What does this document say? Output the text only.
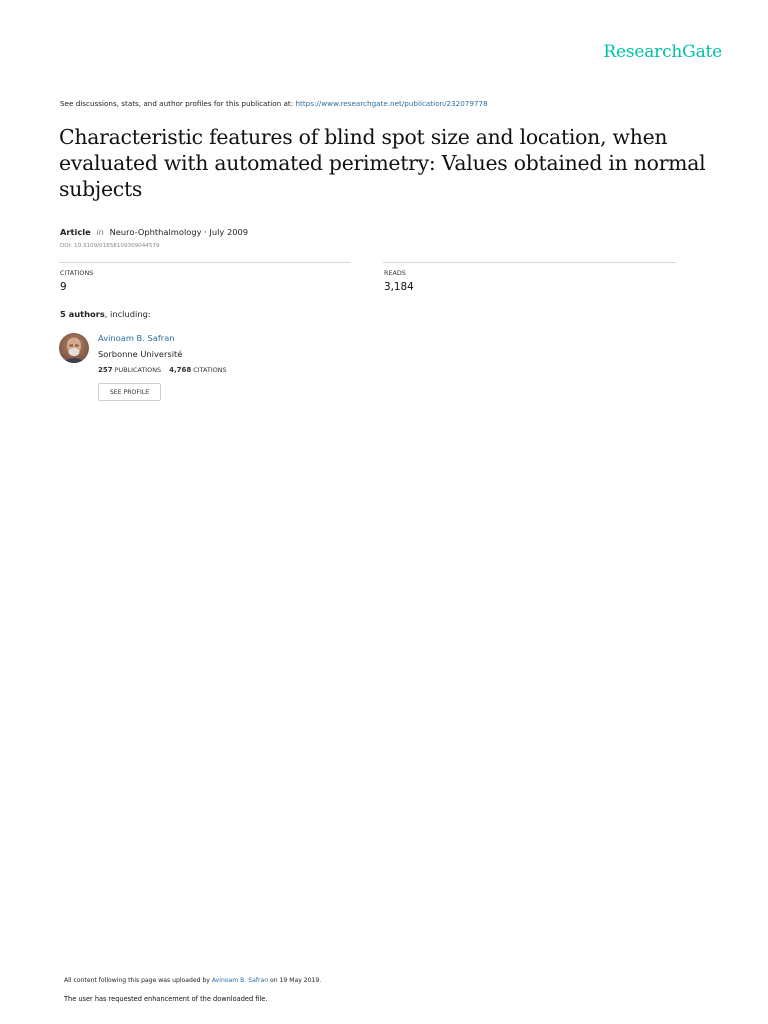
ResearchGate
See discussions, stats, and author profiles for this publication at: https://www.researchgate.net/publication/232079778
Characteristic features of blind spot size and location, when evaluated with automated perimetry: Values obtained in normal subjects
Article in Neuro-Ophthalmology · July 2009
DOI: 10.3109/01658109309044579
CITATIONS
9
READS
3,184
5 authors, including:
Avinoam B. Safran
Sorbonne Université
257 PUBLICATIONS 4,768 CITATIONS
SEE PROFILE
All content following this page was uploaded by Avinoam B. Safran on 19 May 2019.
The user has requested enhancement of the downloaded file.
